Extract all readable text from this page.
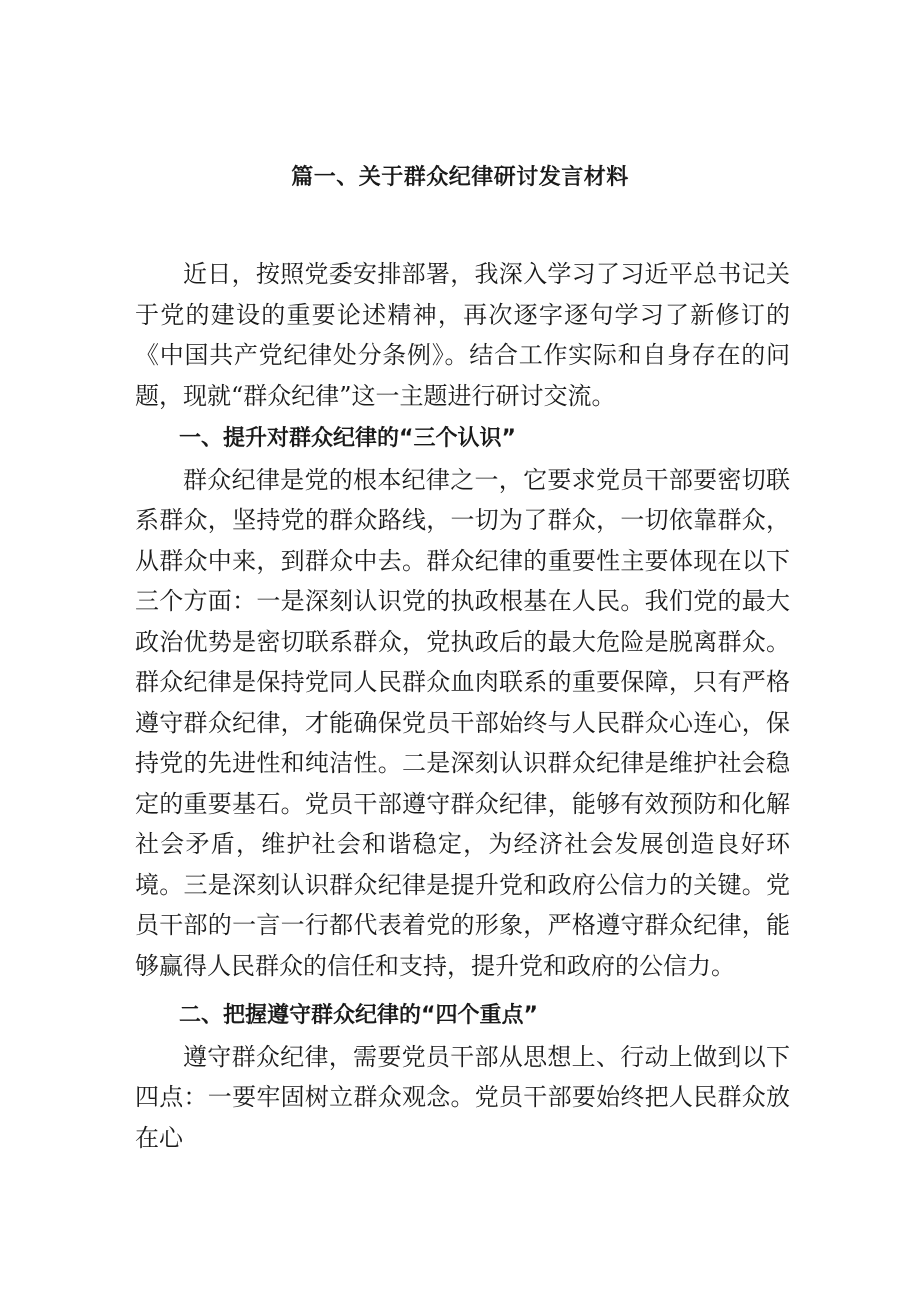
篇一、关于群众纪律研讨发言材料

近日，按照党委安排部署，我深入学习了习近平总书记关于党的建设的重要论述精神，再次逐字逐句学习了新修订的《中国共产党纪律处分条例》。结合工作实际和自身存在的问题，现就“群众纪律”这一主题进行研讨交流。

一、提升对群众纪律的“三个认识”

群众纪律是党的根本纪律之一，它要求党员干部要密切联系群众，坚持党的群众路线，一切为了群众，一切依靠群众，从群众中来，到群众中去。群众纪律的重要性主要体现在以下三个方面：一是深刻认识党的执政根基在人民。我们党的最大政治优势是密切联系群众，党执政后的最大危险是脱离群众。群众纪律是保持党同人民群众血肉联系的重要保障，只有严格遵守群众纪律，才能确保党员干部始终与人民群众心连心，保持党的先进性和纯洁性。二是深刻认识群众纪律是维护社会稳定的重要基石。党员干部遵守群众纪律，能够有效预防和化解社会矛盾，维护社会和谐稳定，为经济社会发展创造良好环境。三是深刻认识群众纪律是提升党和政府公信力的关键。党员干部的一言一行都代表着党的形象，严格遵守群众纪律，能够赢得人民群众的信任和支持，提升党和政府的公信力。

二、把握遵守群众纪律的“四个重点”

遵守群众纪律，需要党员干部从思想上、行动上做到以下四点：一要牢固树立群众观念。党员干部要始终把人民群众放在心
